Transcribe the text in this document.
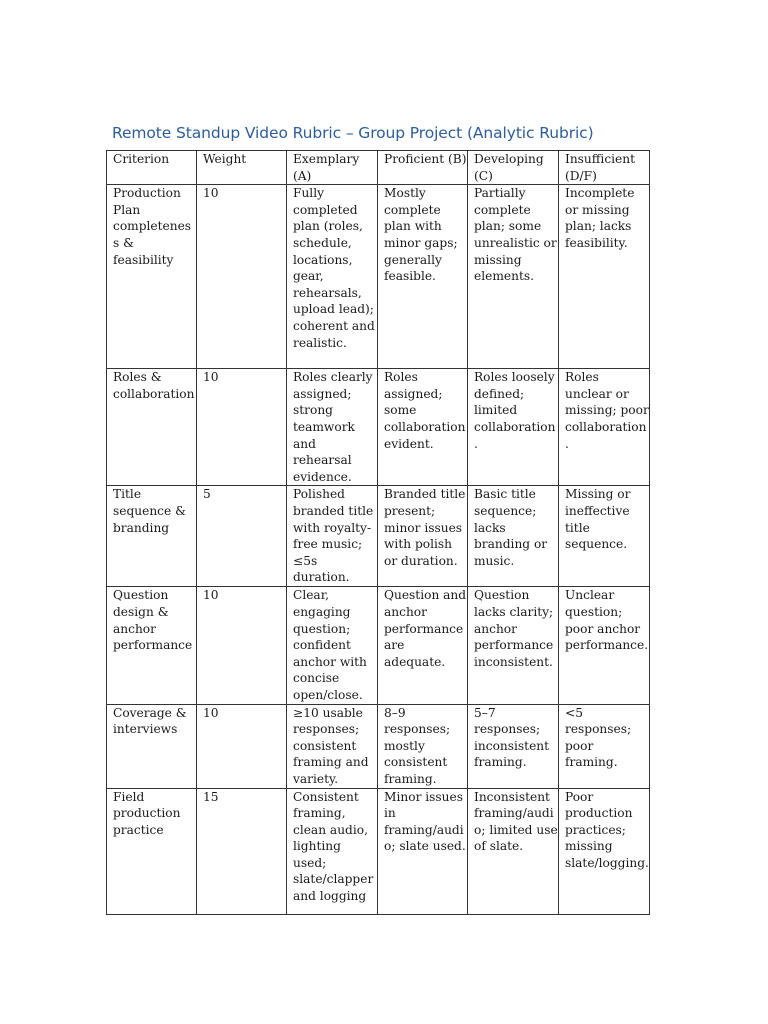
Remote Standup Video Rubric – Group Project (Analytic Rubric)
Criterion	Weight	Exemplary (A)	Proficient (B)	Developing (C)	Insufficient (D/F)
Production Plan completeness & feasibility	10	Fully completed plan (roles, schedule, locations, gear, rehearsals, upload lead); coherent and realistic.	Mostly complete plan with minor gaps; generally feasible.	Partially complete plan; some unrealistic or missing elements.	Incomplete or missing plan; lacks feasibility.
Roles & collaboration	10	Roles clearly assigned; strong teamwork and rehearsal evidence.	Roles assigned; some collaboration evident.	Roles loosely defined; limited collaboration.	Roles unclear or missing; poor collaboration.
Title sequence & branding	5	Polished branded title with royalty-free music; ≤5s duration.	Branded title present; minor issues with polish or duration.	Basic title sequence; lacks branding or music.	Missing or ineffective title sequence.
Question design & anchor performance	10	Clear, engaging question; confident anchor with concise open/close.	Question and anchor performance are adequate.	Question lacks clarity; anchor performance inconsistent.	Unclear question; poor anchor performance.
Coverage & interviews	10	≥10 usable responses; consistent framing and variety.	8–9 responses; mostly consistent framing.	5–7 responses; inconsistent framing.	<5 responses; poor framing.
Field production practice	15	Consistent framing, clean audio, lighting used; slate/clapper and logging	Minor issues in framing/audio; slate used.	Inconsistent framing/audio; limited use of slate.	Poor production practices; missing slate/logging.
